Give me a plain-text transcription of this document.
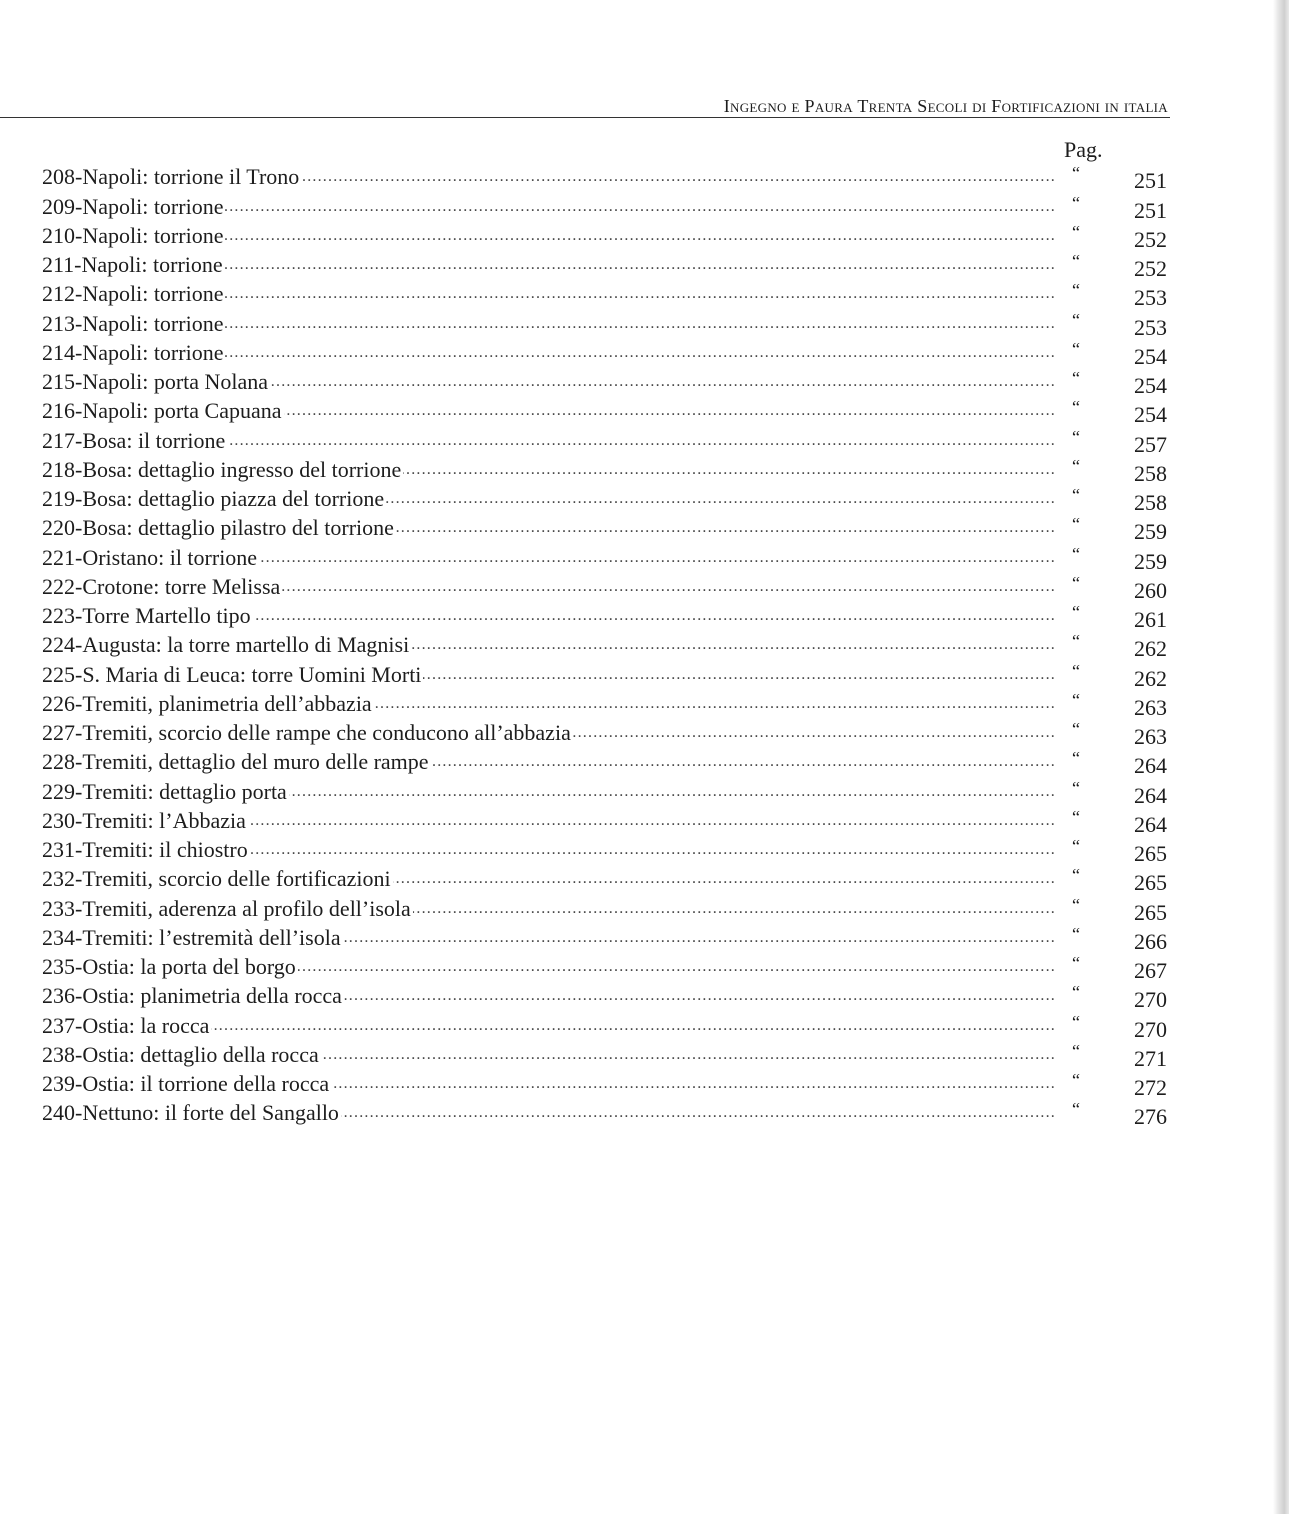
Ingegno e Paura Trenta Secoli di Fortificazioni in italia
Pag.
208-Napoli: torrione il Trono .....	“	251
209-Napoli: torrione .....	“	251
210-Napoli: torrione .....	“	252
211-Napoli: torrione .....	“	252
212-Napoli: torrione .....	“	253
213-Napoli: torrione .....	“	253
214-Napoli: torrione .....	“	254
215-Napoli: porta Nolana .....	“	254
216-Napoli: porta Capuana .....	“	254
217-Bosa: il torrione .....	“	257
218-Bosa: dettaglio ingresso del torrione .....	“	258
219-Bosa: dettaglio piazza del torrione .....	“	258
220-Bosa: dettaglio pilastro del torrione .....	“	259
221-Oristano: il torrione .....	“	259
222-Crotone: torre Melissa .....	“	260
223-Torre Martello tipo .....	“	261
224-Augusta: la torre martello di Magnisi .....	“	262
225-S. Maria di Leuca: torre Uomini Morti .....	“	262
226-Tremiti, planimetria dell’abbazia .....	“	263
227-Tremiti, scorcio delle rampe che conducono all’abbazia .....	“	263
228-Tremiti, dettaglio del muro delle rampe .....	“	264
229-Tremiti: dettaglio porta .....	“	264
230-Tremiti: l’Abbazia .....	“	264
231-Tremiti: il chiostro .....	“	265
232-Tremiti, scorcio delle fortificazioni .....	“	265
233-Tremiti, aderenza al profilo dell’isola .....	“	265
234-Tremiti: l’estremità dell’isola .....	“	266
235-Ostia: la porta del borgo .....	“	267
236-Ostia: planimetria della rocca .....	“	270
237-Ostia: la rocca .....	“	270
238-Ostia: dettaglio della rocca .....	“	271
239-Ostia: il torrione della rocca .....	“	272
240-Nettuno: il forte del Sangallo .....	“	276
